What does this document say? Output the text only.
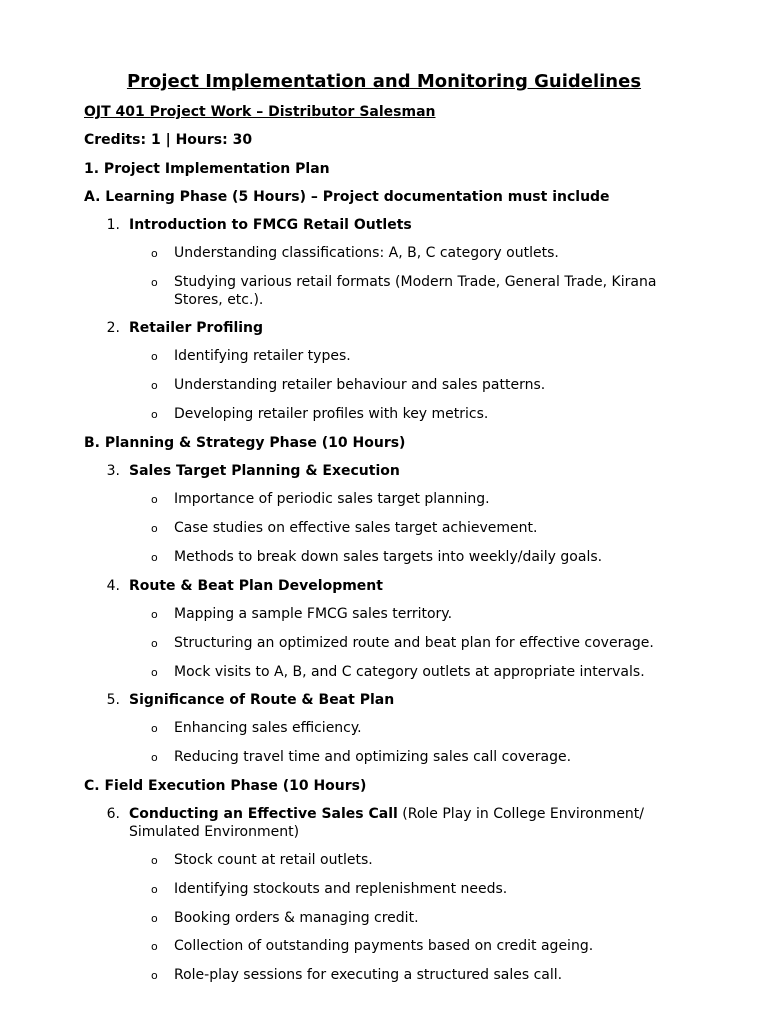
Project Implementation and Monitoring Guidelines
OJT 401 Project Work – Distributor Salesman
Credits: 1 | Hours: 30
1. Project Implementation Plan
A. Learning Phase (5 Hours) – Project documentation must include
1. Introduction to FMCG Retail Outlets
o Understanding classifications: A, B, C category outlets.
o Studying various retail formats (Modern Trade, General Trade, Kirana Stores, etc.).
2. Retailer Profiling
o Identifying retailer types.
o Understanding retailer behaviour and sales patterns.
o Developing retailer profiles with key metrics.
B. Planning & Strategy Phase (10 Hours)
3. Sales Target Planning & Execution
o Importance of periodic sales target planning.
o Case studies on effective sales target achievement.
o Methods to break down sales targets into weekly/daily goals.
4. Route & Beat Plan Development
o Mapping a sample FMCG sales territory.
o Structuring an optimized route and beat plan for effective coverage.
o Mock visits to A, B, and C category outlets at appropriate intervals.
5. Significance of Route & Beat Plan
o Enhancing sales efficiency.
o Reducing travel time and optimizing sales call coverage.
C. Field Execution Phase (10 Hours)
6. Conducting an Effective Sales Call (Role Play in College Environment/ Simulated Environment)
o Stock count at retail outlets.
o Identifying stockouts and replenishment needs.
o Booking orders & managing credit.
o Collection of outstanding payments based on credit ageing.
o Role-play sessions for executing a structured sales call.
